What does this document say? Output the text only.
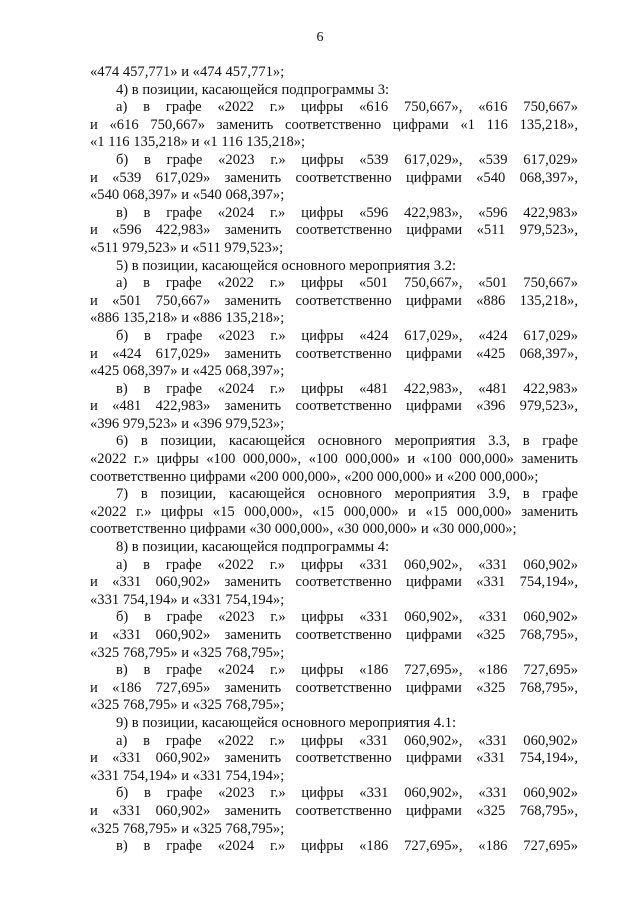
6
«474 457,771» и «474 457,771»;
4) в позиции, касающейся подпрограммы 3:
а) в графе «2022 г.» цифры «616 750,667», «616 750,667»
и «616 750,667» заменить соответственно цифрами «1 116 135,218»,
«1 116 135,218» и «1 116 135,218»;
б) в графе «2023 г.» цифры «539 617,029», «539 617,029»
и «539 617,029» заменить соответственно цифрами «540 068,397»,
«540 068,397» и «540 068,397»;
в) в графе «2024 г.» цифры «596 422,983», «596 422,983»
и «596 422,983» заменить соответственно цифрами «511 979,523»,
«511 979,523» и «511 979,523»;
5) в позиции, касающейся основного мероприятия 3.2:
а) в графе «2022 г.» цифры «501 750,667», «501 750,667»
и «501 750,667» заменить соответственно цифрами «886 135,218»,
«886 135,218» и «886 135,218»;
б) в графе «2023 г.» цифры «424 617,029», «424 617,029»
и «424 617,029» заменить соответственно цифрами «425 068,397»,
«425 068,397» и «425 068,397»;
в) в графе «2024 г.» цифры «481 422,983», «481 422,983»
и «481 422,983» заменить соответственно цифрами «396 979,523»,
«396 979,523» и «396 979,523»;
6) в позиции, касающейся основного мероприятия 3.3, в графе
«2022 г.» цифры «100 000,000», «100 000,000» и «100 000,000» заменить
соответственно цифрами «200 000,000», «200 000,000» и «200 000,000»;
7) в позиции, касающейся основного мероприятия 3.9, в графе
«2022 г.» цифры «15 000,000», «15 000,000» и «15 000,000» заменить
соответственно цифрами «30 000,000», «30 000,000» и «30 000,000»;
8) в позиции, касающейся подпрограммы 4:
а) в графе «2022 г.» цифры «331 060,902», «331 060,902»
и «331 060,902» заменить соответственно цифрами «331 754,194»,
«331 754,194» и «331 754,194»;
б) в графе «2023 г.» цифры «331 060,902», «331 060,902»
и «331 060,902» заменить соответственно цифрами «325 768,795»,
«325 768,795» и «325 768,795»;
в) в графе «2024 г.» цифры «186 727,695», «186 727,695»
и «186 727,695» заменить соответственно цифрами «325 768,795»,
«325 768,795» и «325 768,795»;
9) в позиции, касающейся основного мероприятия 4.1:
а) в графе «2022 г.» цифры «331 060,902», «331 060,902»
и «331 060,902» заменить соответственно цифрами «331 754,194»,
«331 754,194» и «331 754,194»;
б) в графе «2023 г.» цифры «331 060,902», «331 060,902»
и «331 060,902» заменить соответственно цифрами «325 768,795»,
«325 768,795» и «325 768,795»;
в) в графе «2024 г.» цифры «186 727,695», «186 727,695»
